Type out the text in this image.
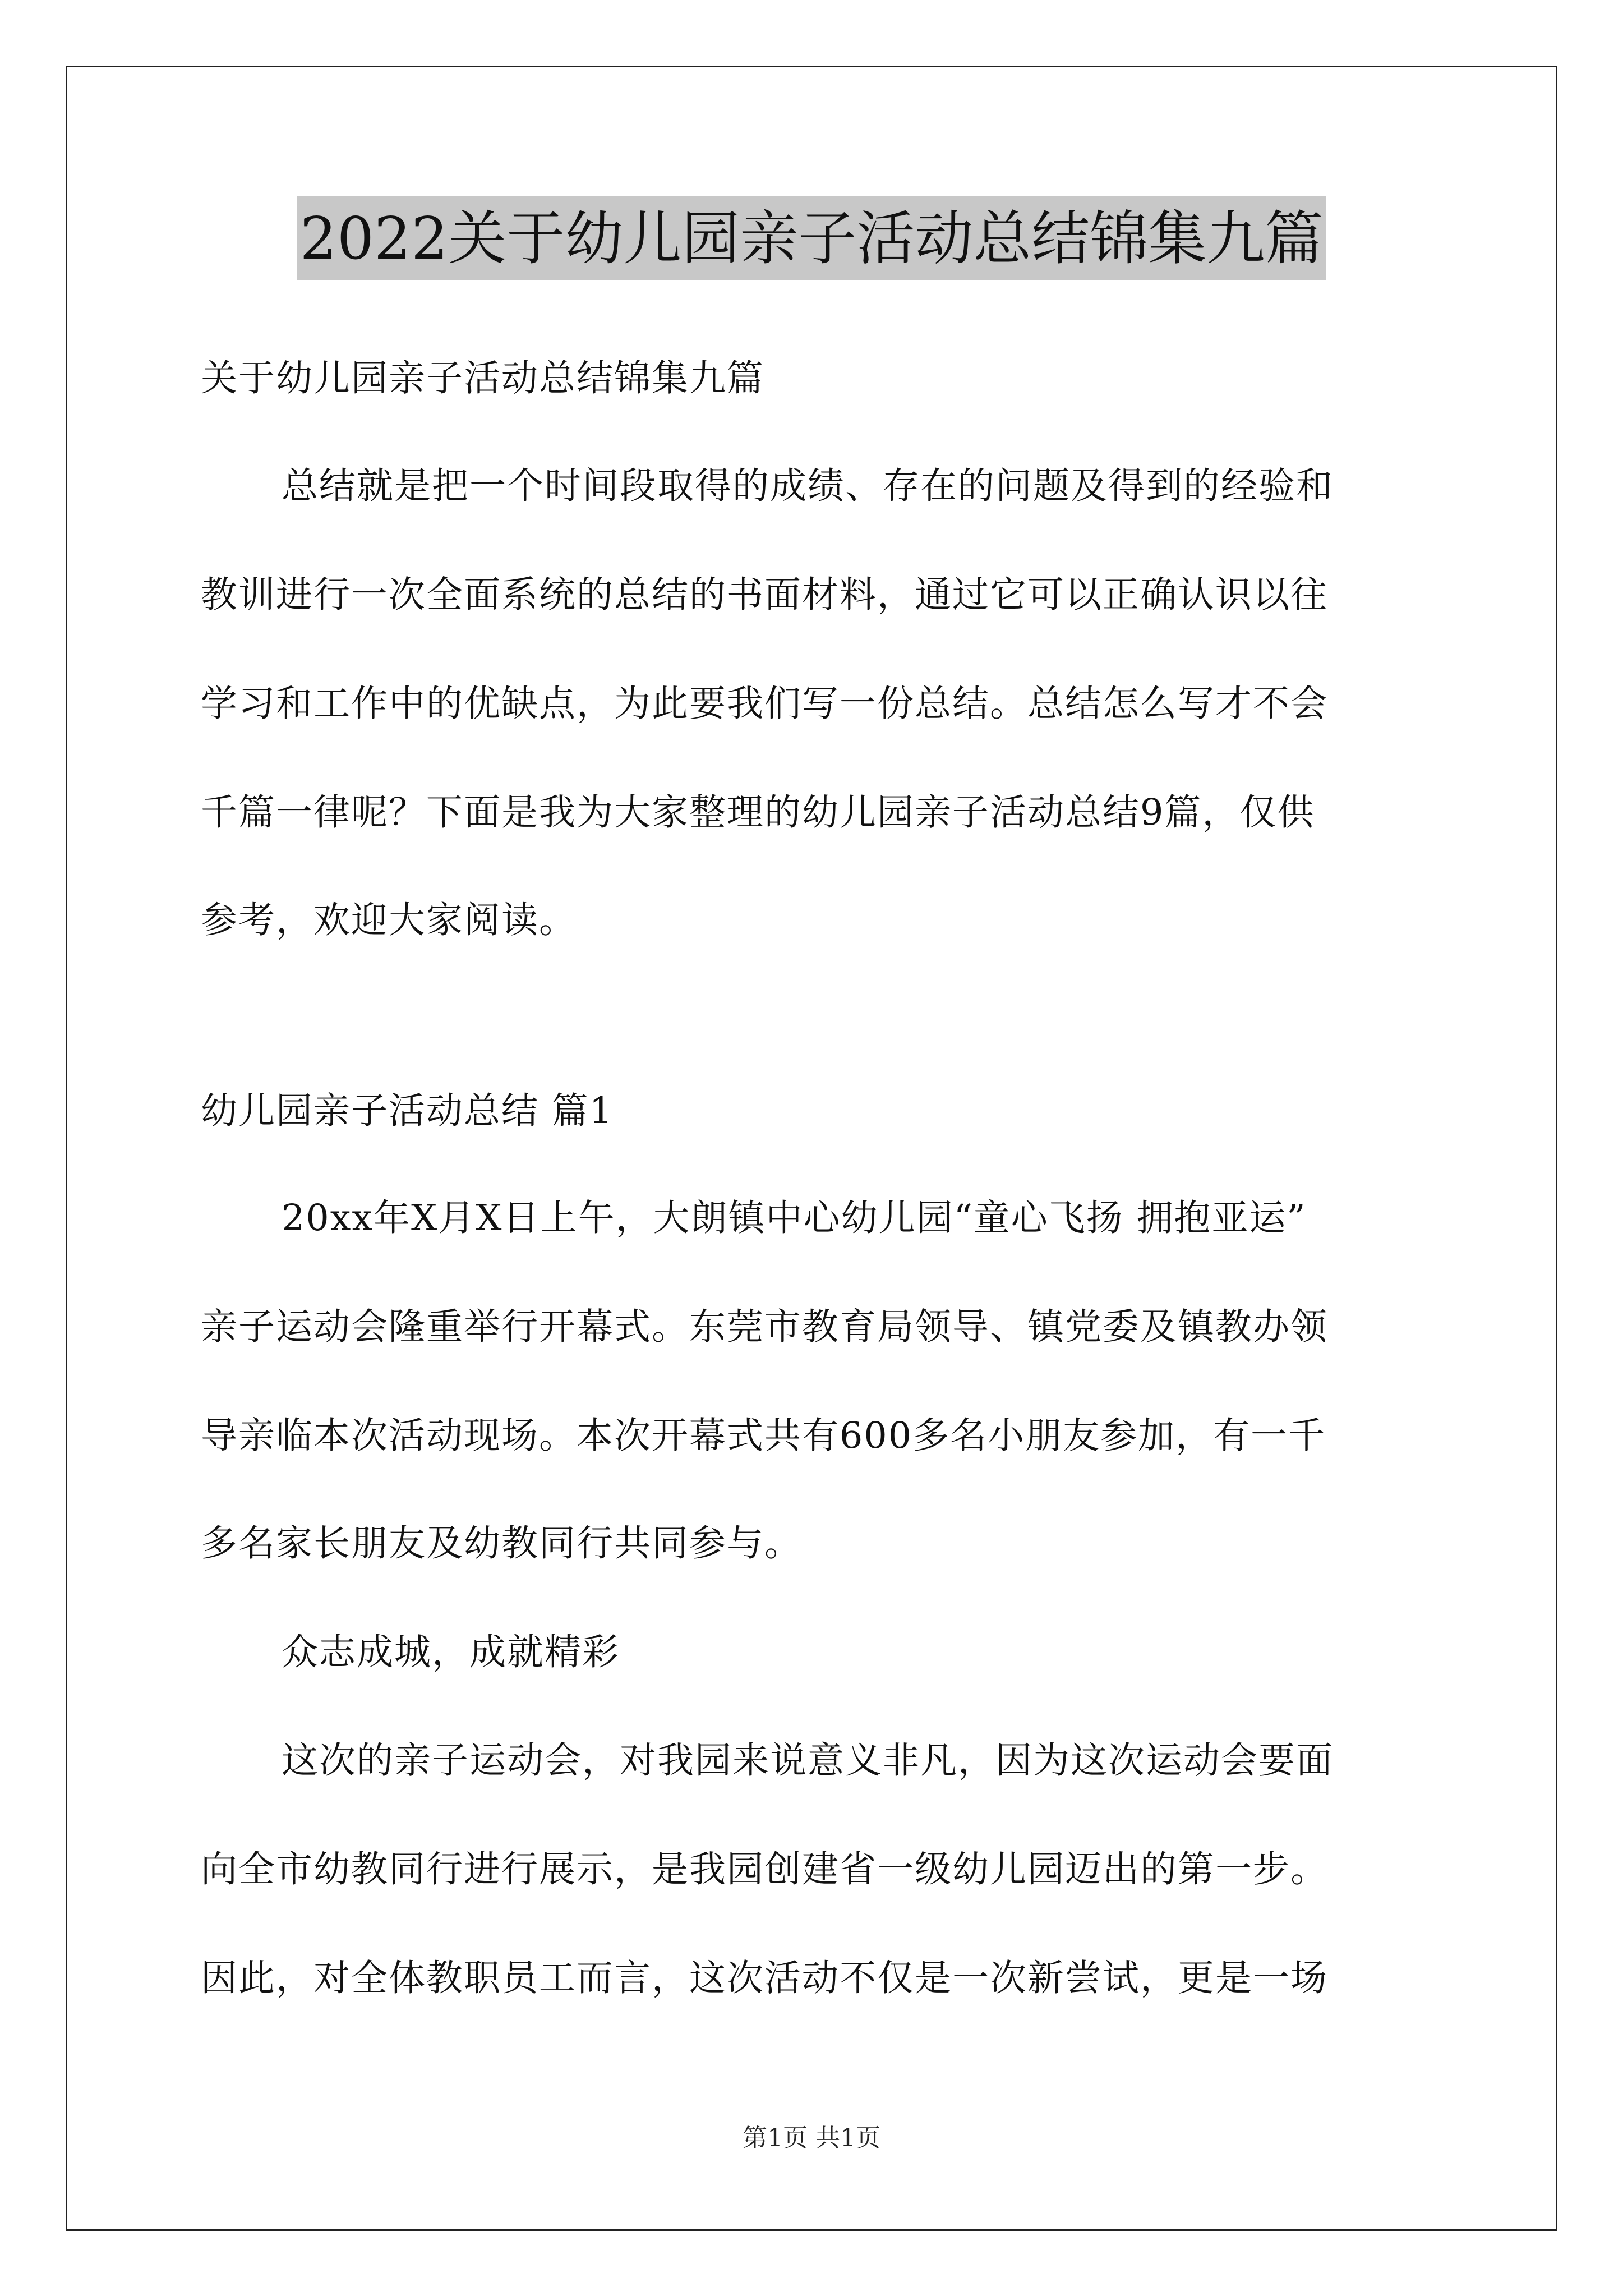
2022关于幼儿园亲子活动总结锦集九篇
关于幼儿园亲子活动总结锦集九篇
总结就是把一个时间段取得的成绩、存在的问题及得到的经验和
教训进行一次全面系统的总结的书面材料，通过它可以正确认识以往
学习和工作中的优缺点，为此要我们写一份总结。总结怎么写才不会
千篇一律呢？下面是我为大家整理的幼儿园亲子活动总结9篇，仅供
参考，欢迎大家阅读。
幼儿园亲子活动总结 篇1
20xx年X月X日上午，大朗镇中心幼儿园“童心飞扬 拥抱亚运”
亲子运动会隆重举行开幕式。东莞市教育局领导、镇党委及镇教办领
导亲临本次活动现场。本次开幕式共有600多名小朋友参加，有一千
多名家长朋友及幼教同行共同参与。
众志成城，成就精彩
这次的亲子运动会，对我园来说意义非凡，因为这次运动会要面
向全市幼教同行进行展示，是我园创建省一级幼儿园迈出的第一步。
因此，对全体教职员工而言，这次活动不仅是一次新尝试，更是一场
第1页 共1页
